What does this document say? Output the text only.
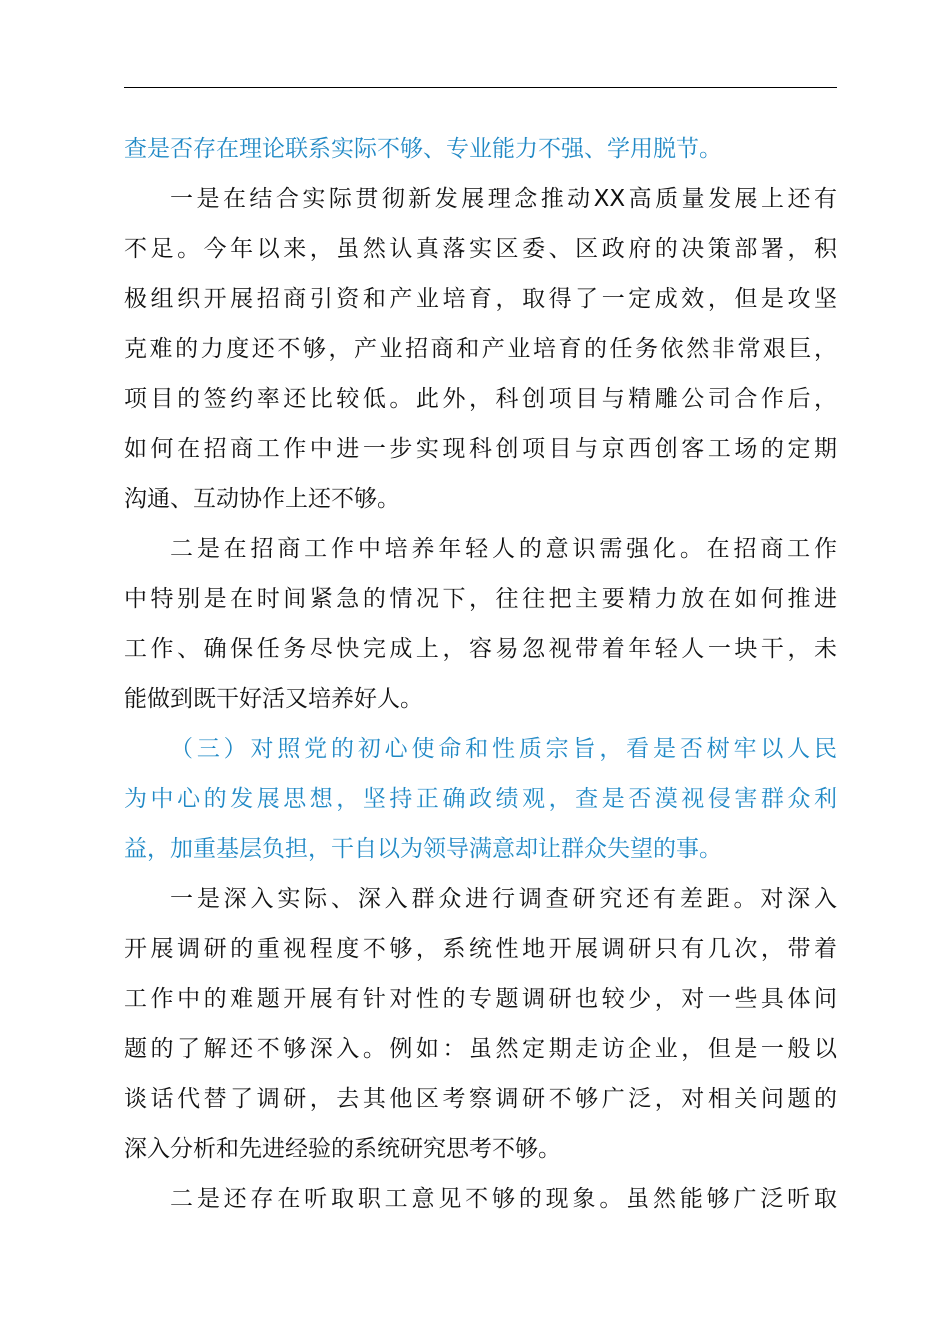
查是否存在理论联系实际不够、专业能力不强、学用脱节。
一是在结合实际贯彻新发展理念推动XX高质量发展上还有
不足。今年以来，虽然认真落实区委、区政府的决策部署，积
极组织开展招商引资和产业培育，取得了一定成效，但是攻坚
克难的力度还不够，产业招商和产业培育的任务依然非常艰巨，
项目的签约率还比较低。此外，科创项目与精雕公司合作后，
如何在招商工作中进一步实现科创项目与京西创客工场的定期
沟通、互动协作上还不够。
二是在招商工作中培养年轻人的意识需强化。在招商工作
中特别是在时间紧急的情况下，往往把主要精力放在如何推进
工作、确保任务尽快完成上，容易忽视带着年轻人一块干，未
能做到既干好活又培养好人。
（三）对照党的初心使命和性质宗旨，看是否树牢以人民
为中心的发展思想，坚持正确政绩观，查是否漠视侵害群众利
益，加重基层负担，干自以为领导满意却让群众失望的事。
一是深入实际、深入群众进行调查研究还有差距。对深入
开展调研的重视程度不够，系统性地开展调研只有几次，带着
工作中的难题开展有针对性的专题调研也较少，对一些具体问
题的了解还不够深入。例如：虽然定期走访企业，但是一般以
谈话代替了调研，去其他区考察调研不够广泛，对相关问题的
深入分析和先进经验的系统研究思考不够。
二是还存在听取职工意见不够的现象。虽然能够广泛听取
